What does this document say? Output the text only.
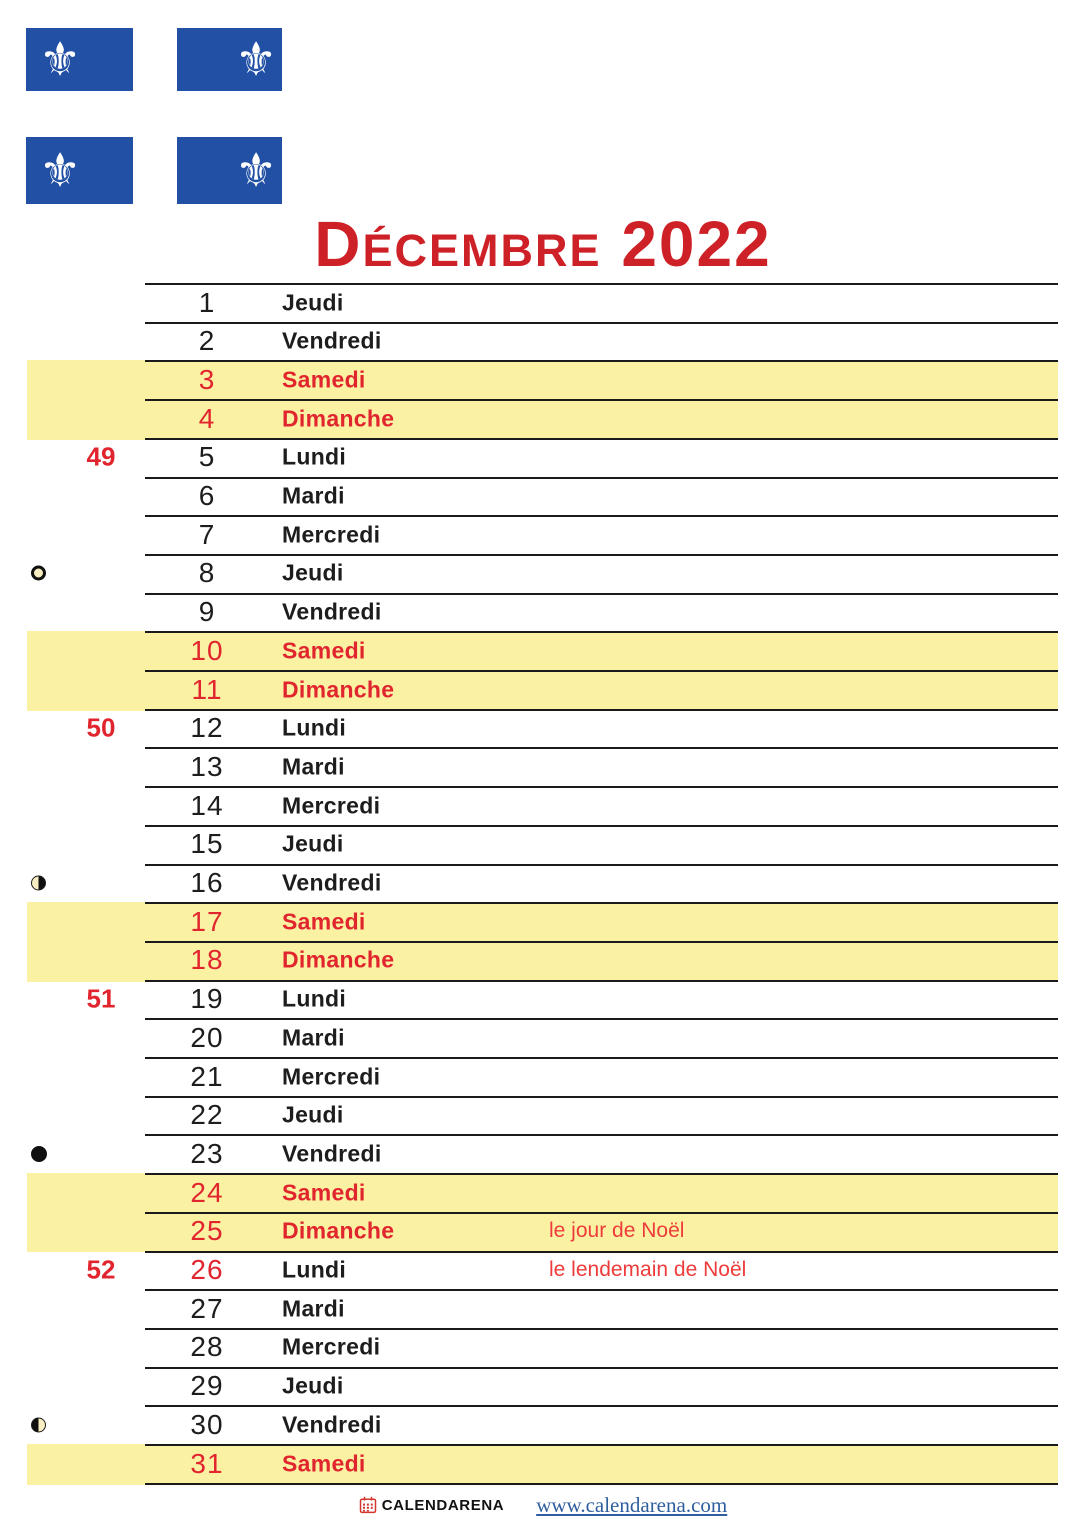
⚜	⚜
⚜	⚜
Décembre 2022
1	Jeudi
2	Vendredi
3	Samedi
4	Dimanche
49	5	Lundi
6	Mardi
7	Mercredi
8	Jeudi
9	Vendredi
10	Samedi
11	Dimanche
50	12	Lundi
13	Mardi
14	Mercredi
15	Jeudi
16	Vendredi
17	Samedi
18	Dimanche
51	19	Lundi
20	Mardi
21	Mercredi
22	Jeudi
23	Vendredi
24	Samedi
25	Dimanche	le jour de Noël
52	26	Lundi	le lendemain de Noël
27	Mardi
28	Mercredi
29	Jeudi
30	Vendredi
31	Samedi
CALENDARENA www.calendarena.com
